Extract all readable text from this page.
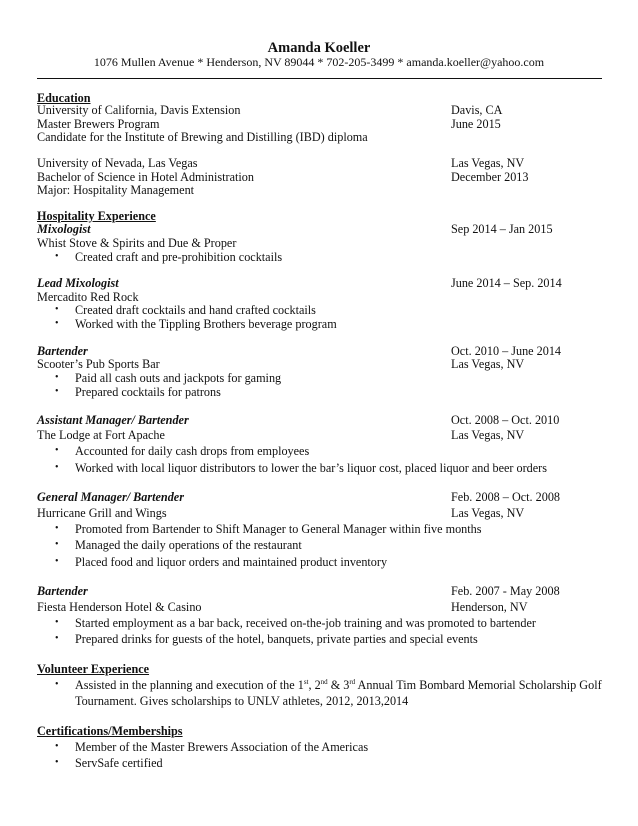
Amanda Koeller
1076 Mullen Avenue * Henderson, NV 89044 * 702-205-3499 * amanda.koeller@yahoo.com
Education
University of California, Davis Extension	Davis, CA
Master Brewers Program	June 2015
Candidate for the Institute of Brewing and Distilling (IBD) diploma
University of Nevada, Las Vegas	Las Vegas, NV
Bachelor of Science in Hotel Administration	December 2013
Major: Hospitality Management
Hospitality Experience
Mixologist	Sep 2014 – Jan 2015
Whist Stove & Spirits and Due & Proper
• Created craft and pre-prohibition cocktails
Lead Mixologist	June 2014 – Sep. 2014
Mercadito Red Rock
• Created draft cocktails and hand crafted cocktails
• Worked with the Tippling Brothers beverage program
Bartender	Oct. 2010 – June 2014
Scooter’s Pub Sports Bar	Las Vegas, NV
• Paid all cash outs and jackpots for gaming
• Prepared cocktails for patrons
Assistant Manager/ Bartender	Oct. 2008 – Oct. 2010
The Lodge at Fort Apache	Las Vegas, NV
• Accounted for daily cash drops from employees
• Worked with local liquor distributors to lower the bar’s liquor cost, placed liquor and beer orders
General Manager/ Bartender	Feb. 2008 – Oct. 2008
Hurricane Grill and Wings	Las Vegas, NV
• Promoted from Bartender to Shift Manager to General Manager within five months
• Managed the daily operations of the restaurant
• Placed food and liquor orders and maintained product inventory
Bartender	Feb. 2007 - May 2008
Fiesta Henderson Hotel & Casino	Henderson, NV
• Started employment as a bar back, received on-the-job training and was promoted to bartender
• Prepared drinks for guests of the hotel, banquets, private parties and special events
Volunteer Experience
• Assisted in the planning and execution of the 1st, 2nd & 3rd Annual Tim Bombard Memorial Scholarship Golf
Tournament. Gives scholarships to UNLV athletes, 2012, 2013,2014
Certifications/Memberships
• Member of the Master Brewers Association of the Americas
• ServSafe certified
